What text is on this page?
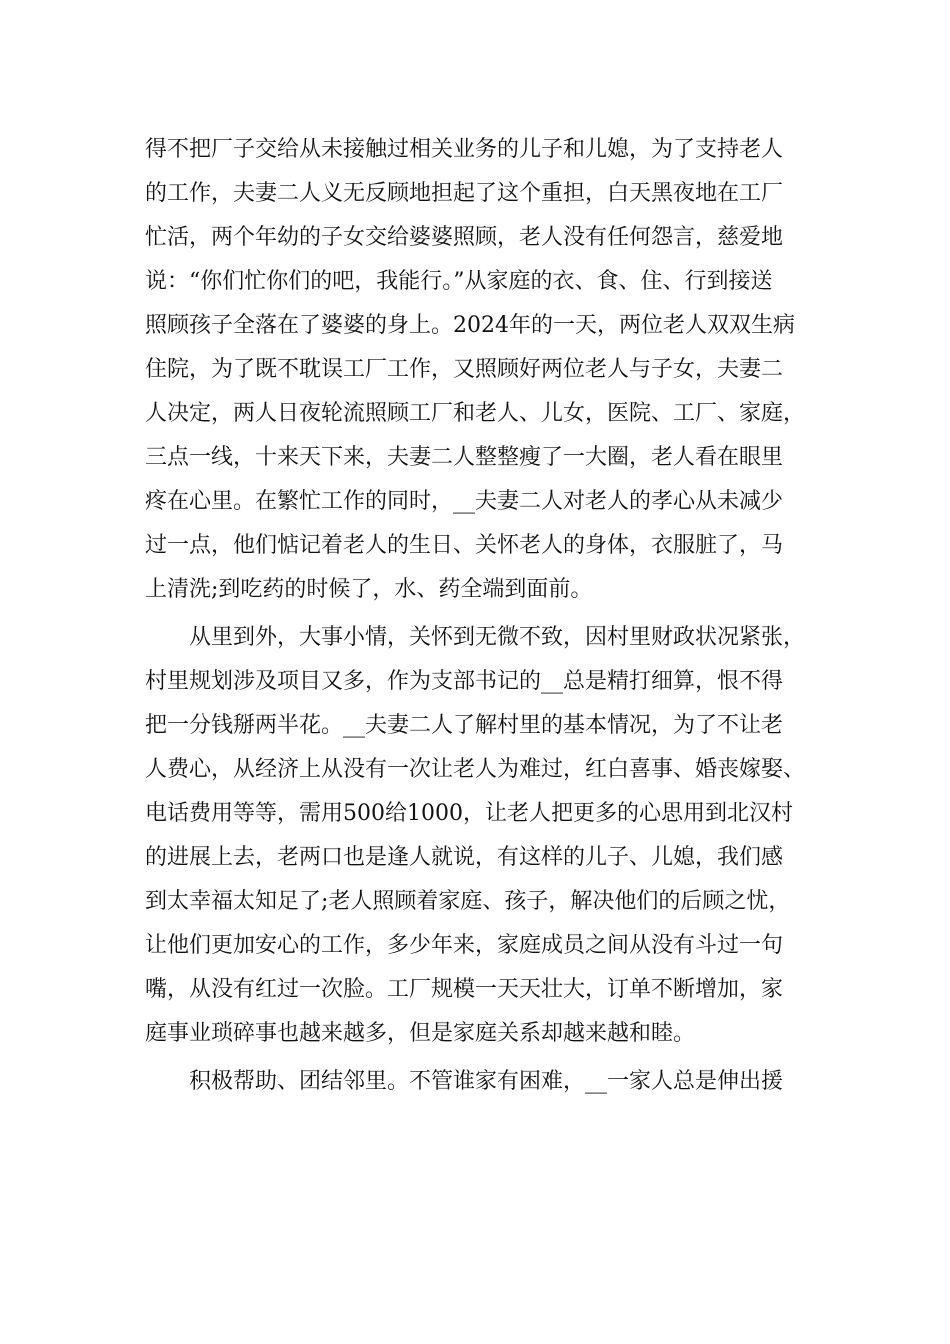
得不把厂子交给从未接触过相关业务的儿子和儿媳，为了支持老人

的工作，夫妻二人义无反顾地担起了这个重担，白天黑夜地在工厂

忙活，两个年幼的子女交给婆婆照顾，老人没有任何怨言，慈爱地

说：“你们忙你们的吧，我能行。”从家庭的衣、食、住、行到接送

照顾孩子全落在了婆婆的身上。2024年的一天，两位老人双双生病

住院，为了既不耽误工厂工作，又照顾好两位老人与子女，夫妻二

人决定，两人日夜轮流照顾工厂和老人、儿女，医院、工厂、家庭，

三点一线，十来天下来，夫妻二人整整瘦了一大圈，老人看在眼里

疼在心里。在繁忙工作的同时，__夫妻二人对老人的孝心从未减少

过一点，他们惦记着老人的生日、关怀老人的身体，衣服脏了，马

上清洗;到吃药的时候了，水、药全端到面前。

从里到外，大事小情，关怀到无微不致，因村里财政状况紧张，

村里规划涉及项目又多，作为支部书记的__总是精打细算，恨不得

把一分钱掰两半花。__夫妻二人了解村里的基本情况，为了不让老

人费心，从经济上从没有一次让老人为难过，红白喜事、婚丧嫁娶、

电话费用等等，需用500给1000，让老人把更多的心思用到北汉村

的进展上去，老两口也是逢人就说，有这样的儿子、儿媳，我们感

到太幸福太知足了;老人照顾着家庭、孩子，解决他们的后顾之忧，

让他们更加安心的工作，多少年来，家庭成员之间从没有斗过一句

嘴，从没有红过一次脸。工厂规模一天天壮大，订单不断增加，家

庭事业琐碎事也越来越多，但是家庭关系却越来越和睦。

积极帮助、团结邻里。不管谁家有困难，__一家人总是伸出援
